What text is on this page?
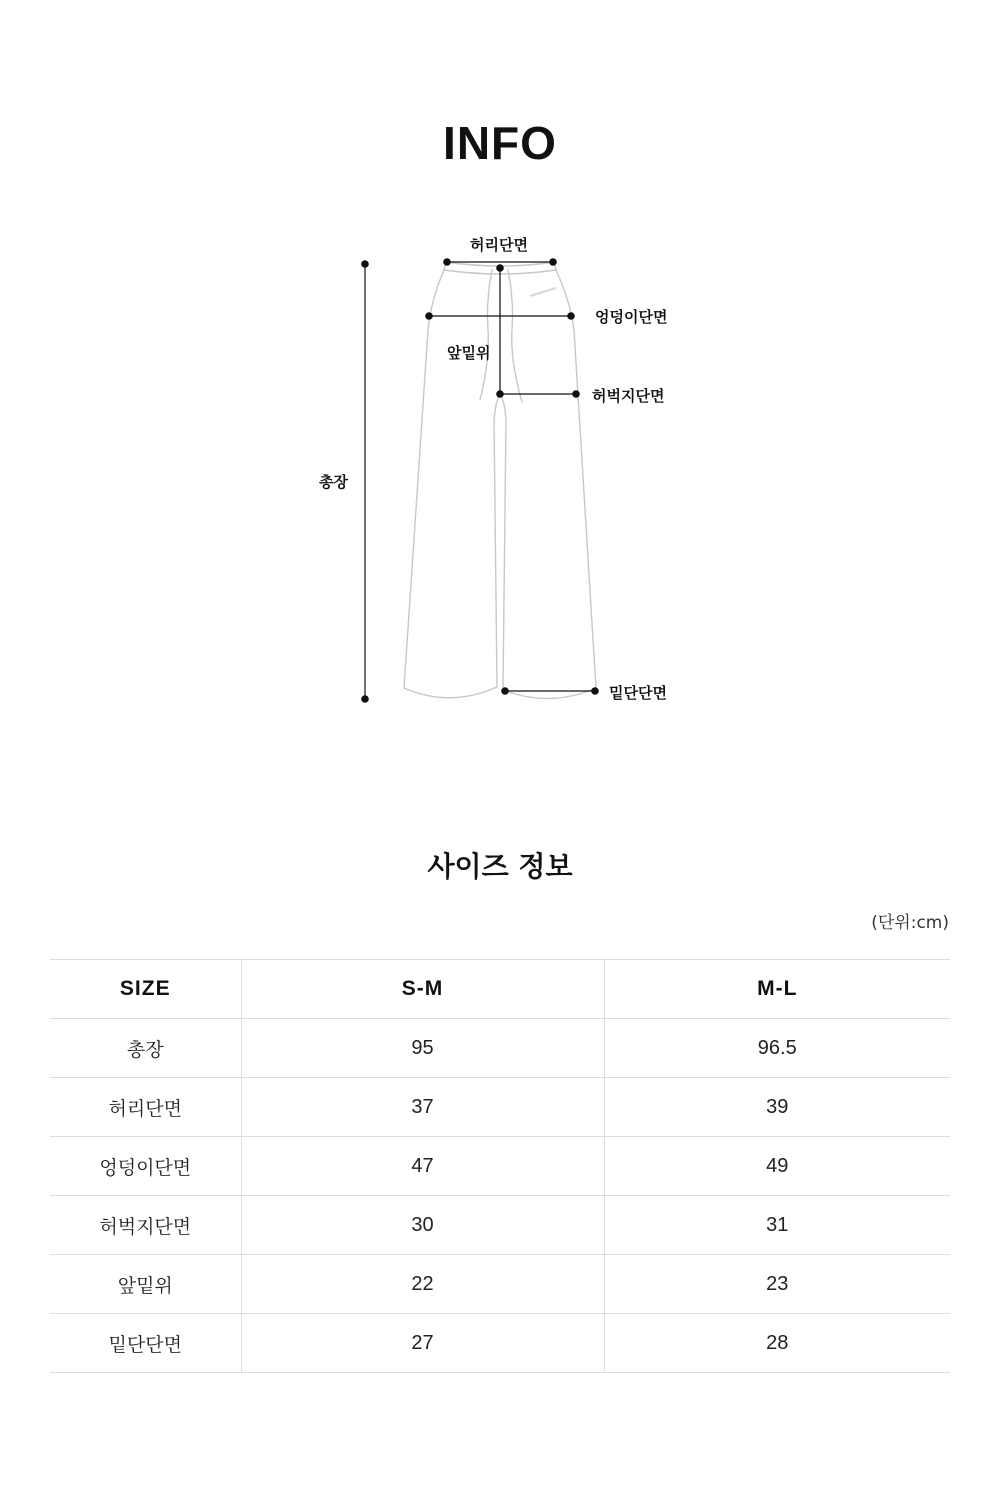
INFO
허리단면
엉덩이단면
앞밑위
허벅지단면
총장
밑단단면
사이즈 정보
(단위:cm)
SIZE	S-M	M-L
총장	95	96.5
허리단면	37	39
엉덩이단면	47	49
허벅지단면	30	31
앞밑위	22	23
밑단단면	27	28
